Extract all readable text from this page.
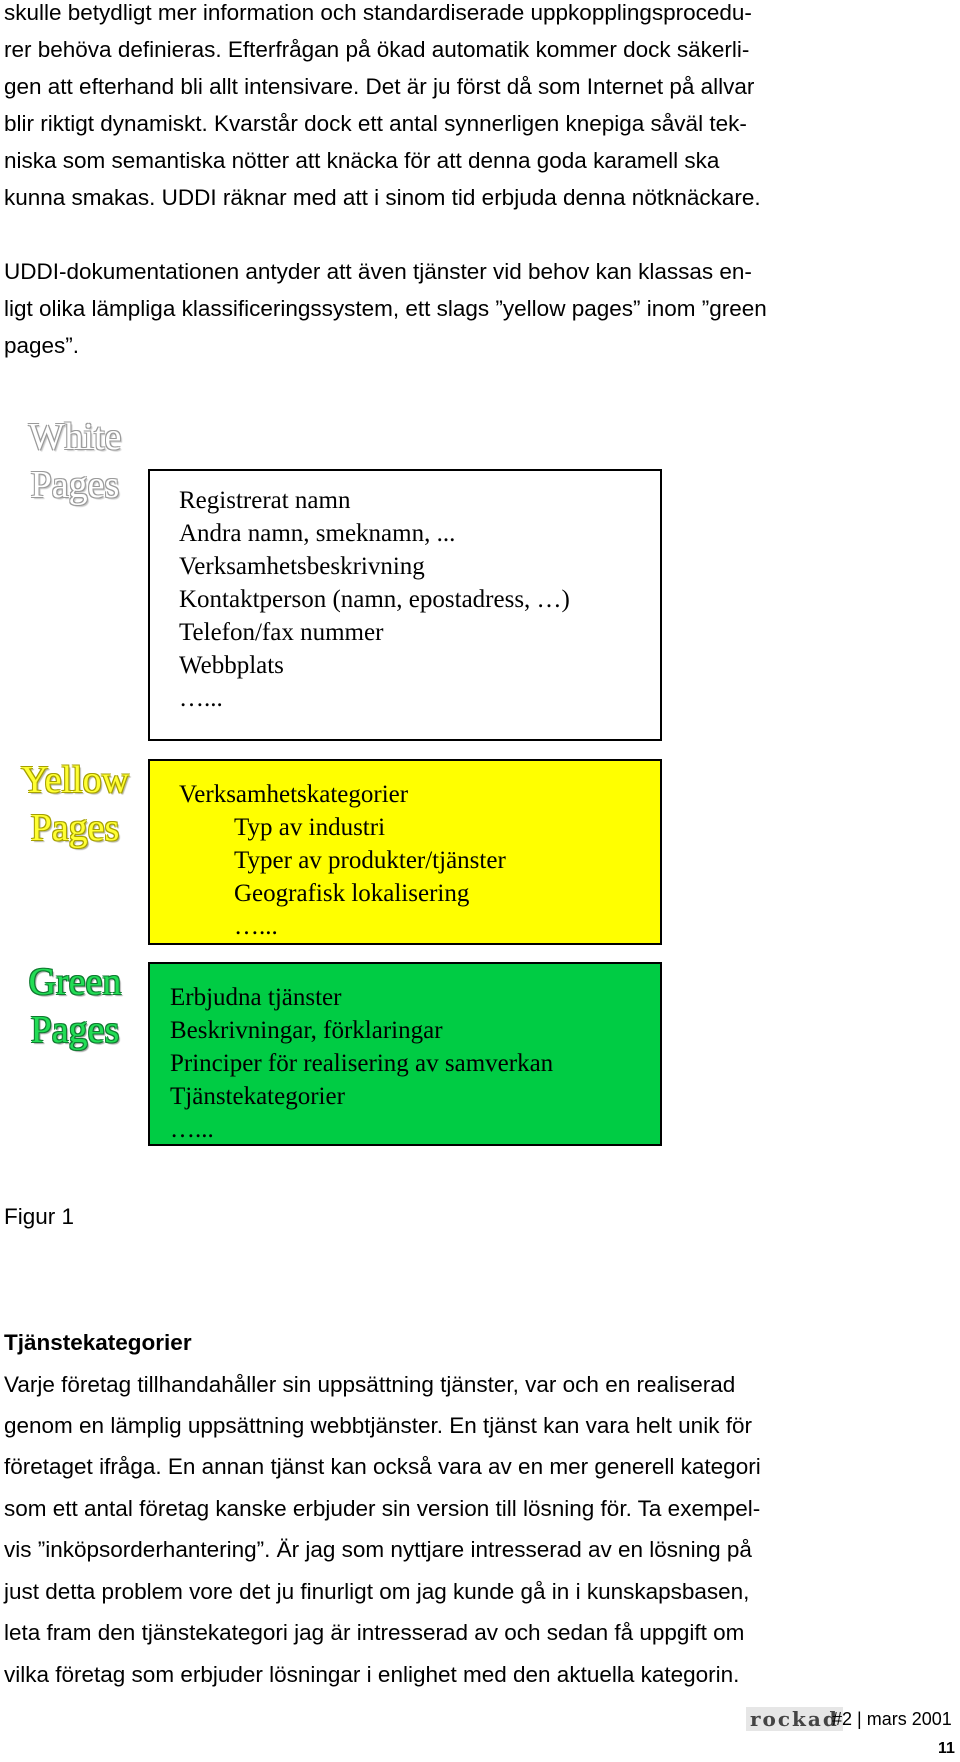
skulle betydligt mer information och standardiserade uppkopplingsprocedu-
rer behöva definieras. Efterfrågan på ökad automatik kommer dock säkerli-
gen att efterhand bli allt intensivare. Det är ju först då som Internet på allvar
blir riktigt dynamiskt. Kvarstår dock ett antal synnerligen knepiga såväl tek-
niska som semantiska nötter att knäcka för att denna goda karamell ska
kunna smakas. UDDI räknar med att i sinom tid erbjuda denna nötknäckare.
UDDI-dokumentationen antyder att även tjänster vid behov kan klassas en-
ligt olika lämpliga klassificeringssystem, ett slags ”yellow pages” inom ”green
pages”.
White
Pages	Registrerat namn
Andra namn, smeknamn, ...
Verksamhetsbeskrivning
Kontaktperson (namn, epostadress, …)
Telefon/fax nummer
Webbplats
…...
Yellow
Pages
Verksamhetskategorier
Typ av industri
Typer av produkter/tjänster
Geografisk lokalisering
…...
Green
Pages
Erbjudna tjänster
Beskrivningar, förklaringar
Principer för realisering av samverkan
Tjänstekategorier
…...
Figur 1
Tjänstekategorier
Varje företag tillhandahåller sin uppsättning tjänster, var och en realiserad
genom en lämplig uppsättning webbtjänster. En tjänst kan vara helt unik för
företaget ifråga. En annan tjänst kan också vara av en mer generell kategori
som ett antal företag kanske erbjuder sin version till lösning för. Ta exempel-
vis ”inköpsorderhantering”. Är jag som nyttjare intresserad av en lösning på
just detta problem vore det ju finurligt om jag kunde gå in i kunskapsbasen,
leta fram den tjänstekategori jag är intresserad av och sedan få uppgift om
vilka företag som erbjuder lösningar i enlighet med den aktuella kategorin.
rockad
#2 | mars 2001
11
